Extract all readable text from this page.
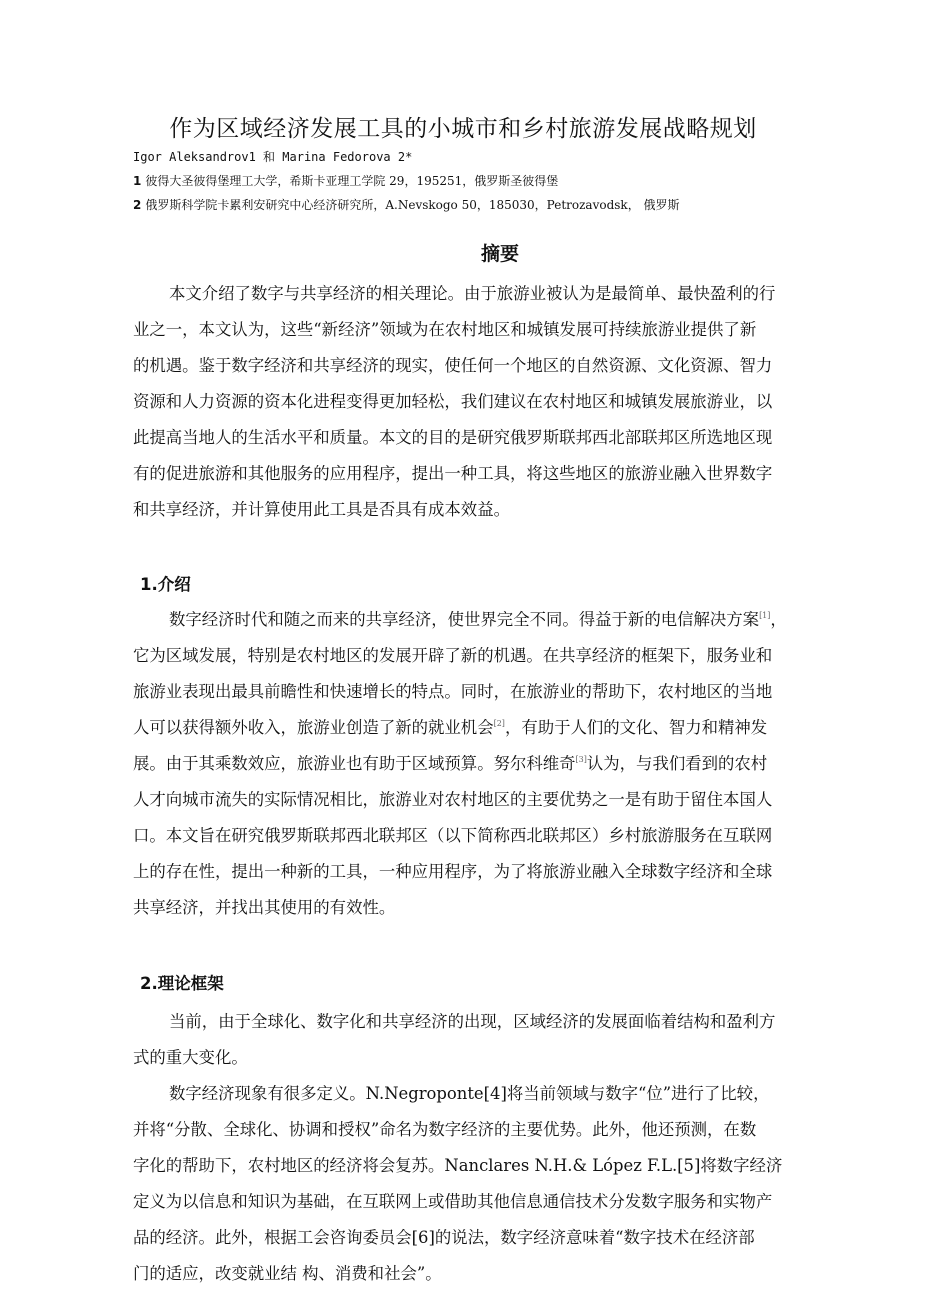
作为区域经济发展工具的小城市和乡村旅游发展战略规划
Igor Aleksandrov1 和 Marina Fedorova 2*
1 彼得大圣彼得堡理工大学，希斯卡亚理工学院 29，195251，俄罗斯圣彼得堡
2 俄罗斯科学院卡累利安研究中心经济研究所，A.Nevskogo 50，185030，Petrozavodsk， 俄罗斯
摘要
本文介绍了数字与共享经济的相关理论。由于旅游业被认为是最简单、最快盈利的行
业之一，本文认为，这些“新经济”领域为在农村地区和城镇发展可持续旅游业提供了新
的机遇。鉴于数字经济和共享经济的现实，使任何一个地区的自然资源、文化资源、智力
资源和人力资源的资本化进程变得更加轻松，我们建议在农村地区和城镇发展旅游业，以
此提高当地人的生活水平和质量。本文的目的是研究俄罗斯联邦西北部联邦区所选地区现
有的促进旅游和其他服务的应用程序，提出一种工具，将这些地区的旅游业融入世界数字
和共享经济，并计算使用此工具是否具有成本效益。
1.介绍
数字经济时代和随之而来的共享经济，使世界完全不同。得益于新的电信解决方案[1]，
它为区域发展，特别是农村地区的发展开辟了新的机遇。在共享经济的框架下，服务业和
旅游业表现出最具前瞻性和快速增长的特点。同时，在旅游业的帮助下，农村地区的当地
人可以获得额外收入，旅游业创造了新的就业机会[2]，有助于人们的文化、智力和精神发
展。由于其乘数效应，旅游业也有助于区域预算。努尔科维奇[3]认为，与我们看到的农村
人才向城市流失的实际情况相比，旅游业对农村地区的主要优势之一是有助于留住本国人
口。本文旨在研究俄罗斯联邦西北联邦区（以下简称西北联邦区）乡村旅游服务在互联网
上的存在性，提出一种新的工具，一种应用程序，为了将旅游业融入全球数字经济和全球
共享经济，并找出其使用的有效性。
2.理论框架
当前，由于全球化、数字化和共享经济的出现，区域经济的发展面临着结构和盈利方
式的重大变化。
数字经济现象有很多定义。N.Negroponte[4]将当前领域与数字“位”进行了比较，
并将“分散、全球化、协调和授权”命名为数字经济的主要优势。此外，他还预测，在数
字化的帮助下，农村地区的经济将会复苏。Nanclares N.H.& López F.L.[5]将数字经济
定义为以信息和知识为基础，在互联网上或借助其他信息通信技术分发数字服务和实物产
品的经济。此外，根据工会咨询委员会[6]的说法，数字经济意味着“数字技术在经济部
门的适应，改变就业结 构、消费和社会”。
